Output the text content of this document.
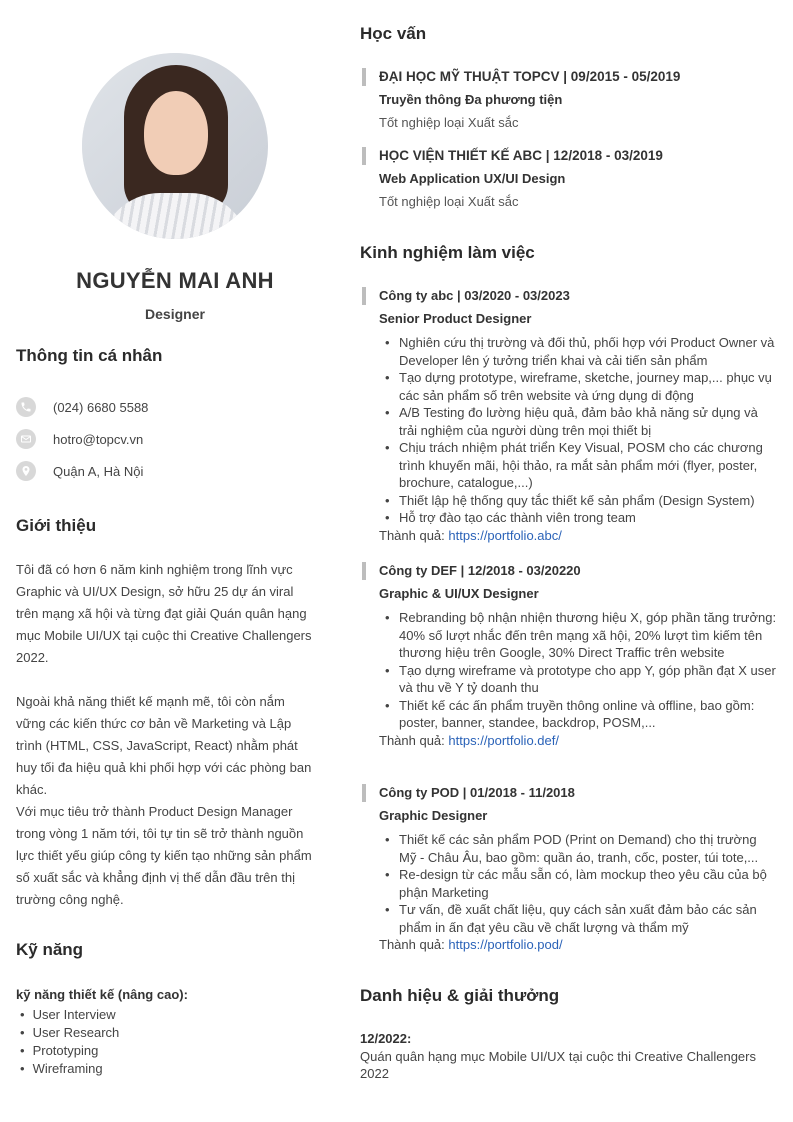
NGUYỄN MAI ANH
Designer
Thông tin cá nhân
(024) 6680 5588
hotro@topcv.vn
Quận A, Hà Nội
Giới thiệu
Tôi đã có hơn 6 năm kinh nghiệm trong lĩnh vực Graphic và UI/UX Design, sở hữu 25 dự án viral trên mạng xã hội và từng đạt giải Quán quân hạng mục Mobile UI/UX tại cuộc thi Creative Challengers 2022.
Ngoài khả năng thiết kế mạnh mẽ, tôi còn nắm vững các kiến thức cơ bản về Marketing và Lập trình (HTML, CSS, JavaScript, React) nhằm phát huy tối đa hiệu quả khi phối hợp với các phòng ban khác.
Với mục tiêu trở thành Product Design Manager trong vòng 1 năm tới, tôi tự tin sẽ trở thành nguồn lực thiết yếu giúp công ty kiến tạo những sản phẩm số xuất sắc và khẳng định vị thế dẫn đầu trên thị trường công nghệ.
Kỹ năng
kỹ năng thiết kế (nâng cao):
• User Interview
• User Research
• Prototyping
• Wireframing
Học vấn
ĐẠI HỌC MỸ THUẬT TOPCV | 09/2015 - 05/2019
Truyền thông Đa phương tiện
Tốt nghiệp loại Xuất sắc
HỌC VIỆN THIẾT KẾ ABC | 12/2018 - 03/2019
Web Application UX/UI Design
Tốt nghiệp loại Xuất sắc
Kinh nghiệm làm việc
Công ty abc | 03/2020 - 03/2023
Senior Product Designer
• Nghiên cứu thị trường và đối thủ, phối hợp với Product Owner và Developer lên ý tưởng triển khai và cải tiến sản phẩm
• Tạo dựng prototype, wireframe, sketche, journey map,... phục vụ các sản phẩm số trên website và ứng dụng di động
• A/B Testing đo lường hiệu quả, đảm bảo khả năng sử dụng và trải nghiệm của người dùng trên mọi thiết bị
• Chịu trách nhiệm phát triển Key Visual, POSM cho các chương trình khuyến mãi, hội thảo, ra mắt sản phẩm mới (flyer, poster, brochure, catalogue,...)
• Thiết lập hệ thống quy tắc thiết kế sản phẩm (Design System)
• Hỗ trợ đào tạo các thành viên trong team
Thành quả: https://portfolio.abc/
Công ty DEF | 12/2018 - 03/20220
Graphic & UI/UX Designer
• Rebranding bộ nhận nhiện thương hiệu X, góp phần tăng trưởng: 40% số lượt nhắc đến trên mạng xã hội, 20% lượt tìm kiếm tên thương hiệu trên Google, 30% Direct Traffic trên website
• Tạo dựng wireframe và prototype cho app Y, góp phần đạt X user và thu về Y tỷ doanh thu
• Thiết kế các ấn phẩm truyền thông online và offline, bao gồm: poster, banner, standee, backdrop, POSM,...
Thành quả: https://portfolio.def/
Công ty POD | 01/2018 - 11/2018
Graphic Designer
• Thiết kế các sản phẩm POD (Print on Demand) cho thị trường Mỹ - Châu Âu, bao gồm: quần áo, tranh, cốc, poster, túi tote,...
• Re-design từ các mẫu sẵn có, làm mockup theo yêu cầu của bộ phận Marketing
• Tư vấn, đề xuất chất liệu, quy cách sản xuất đảm bảo các sản phẩm in ấn đạt yêu cầu về chất lượng và thẩm mỹ
Thành quả: https://portfolio.pod/
Danh hiệu & giải thưởng
12/2022:
Quán quân hạng mục Mobile UI/UX tại cuộc thi Creative Challengers 2022
